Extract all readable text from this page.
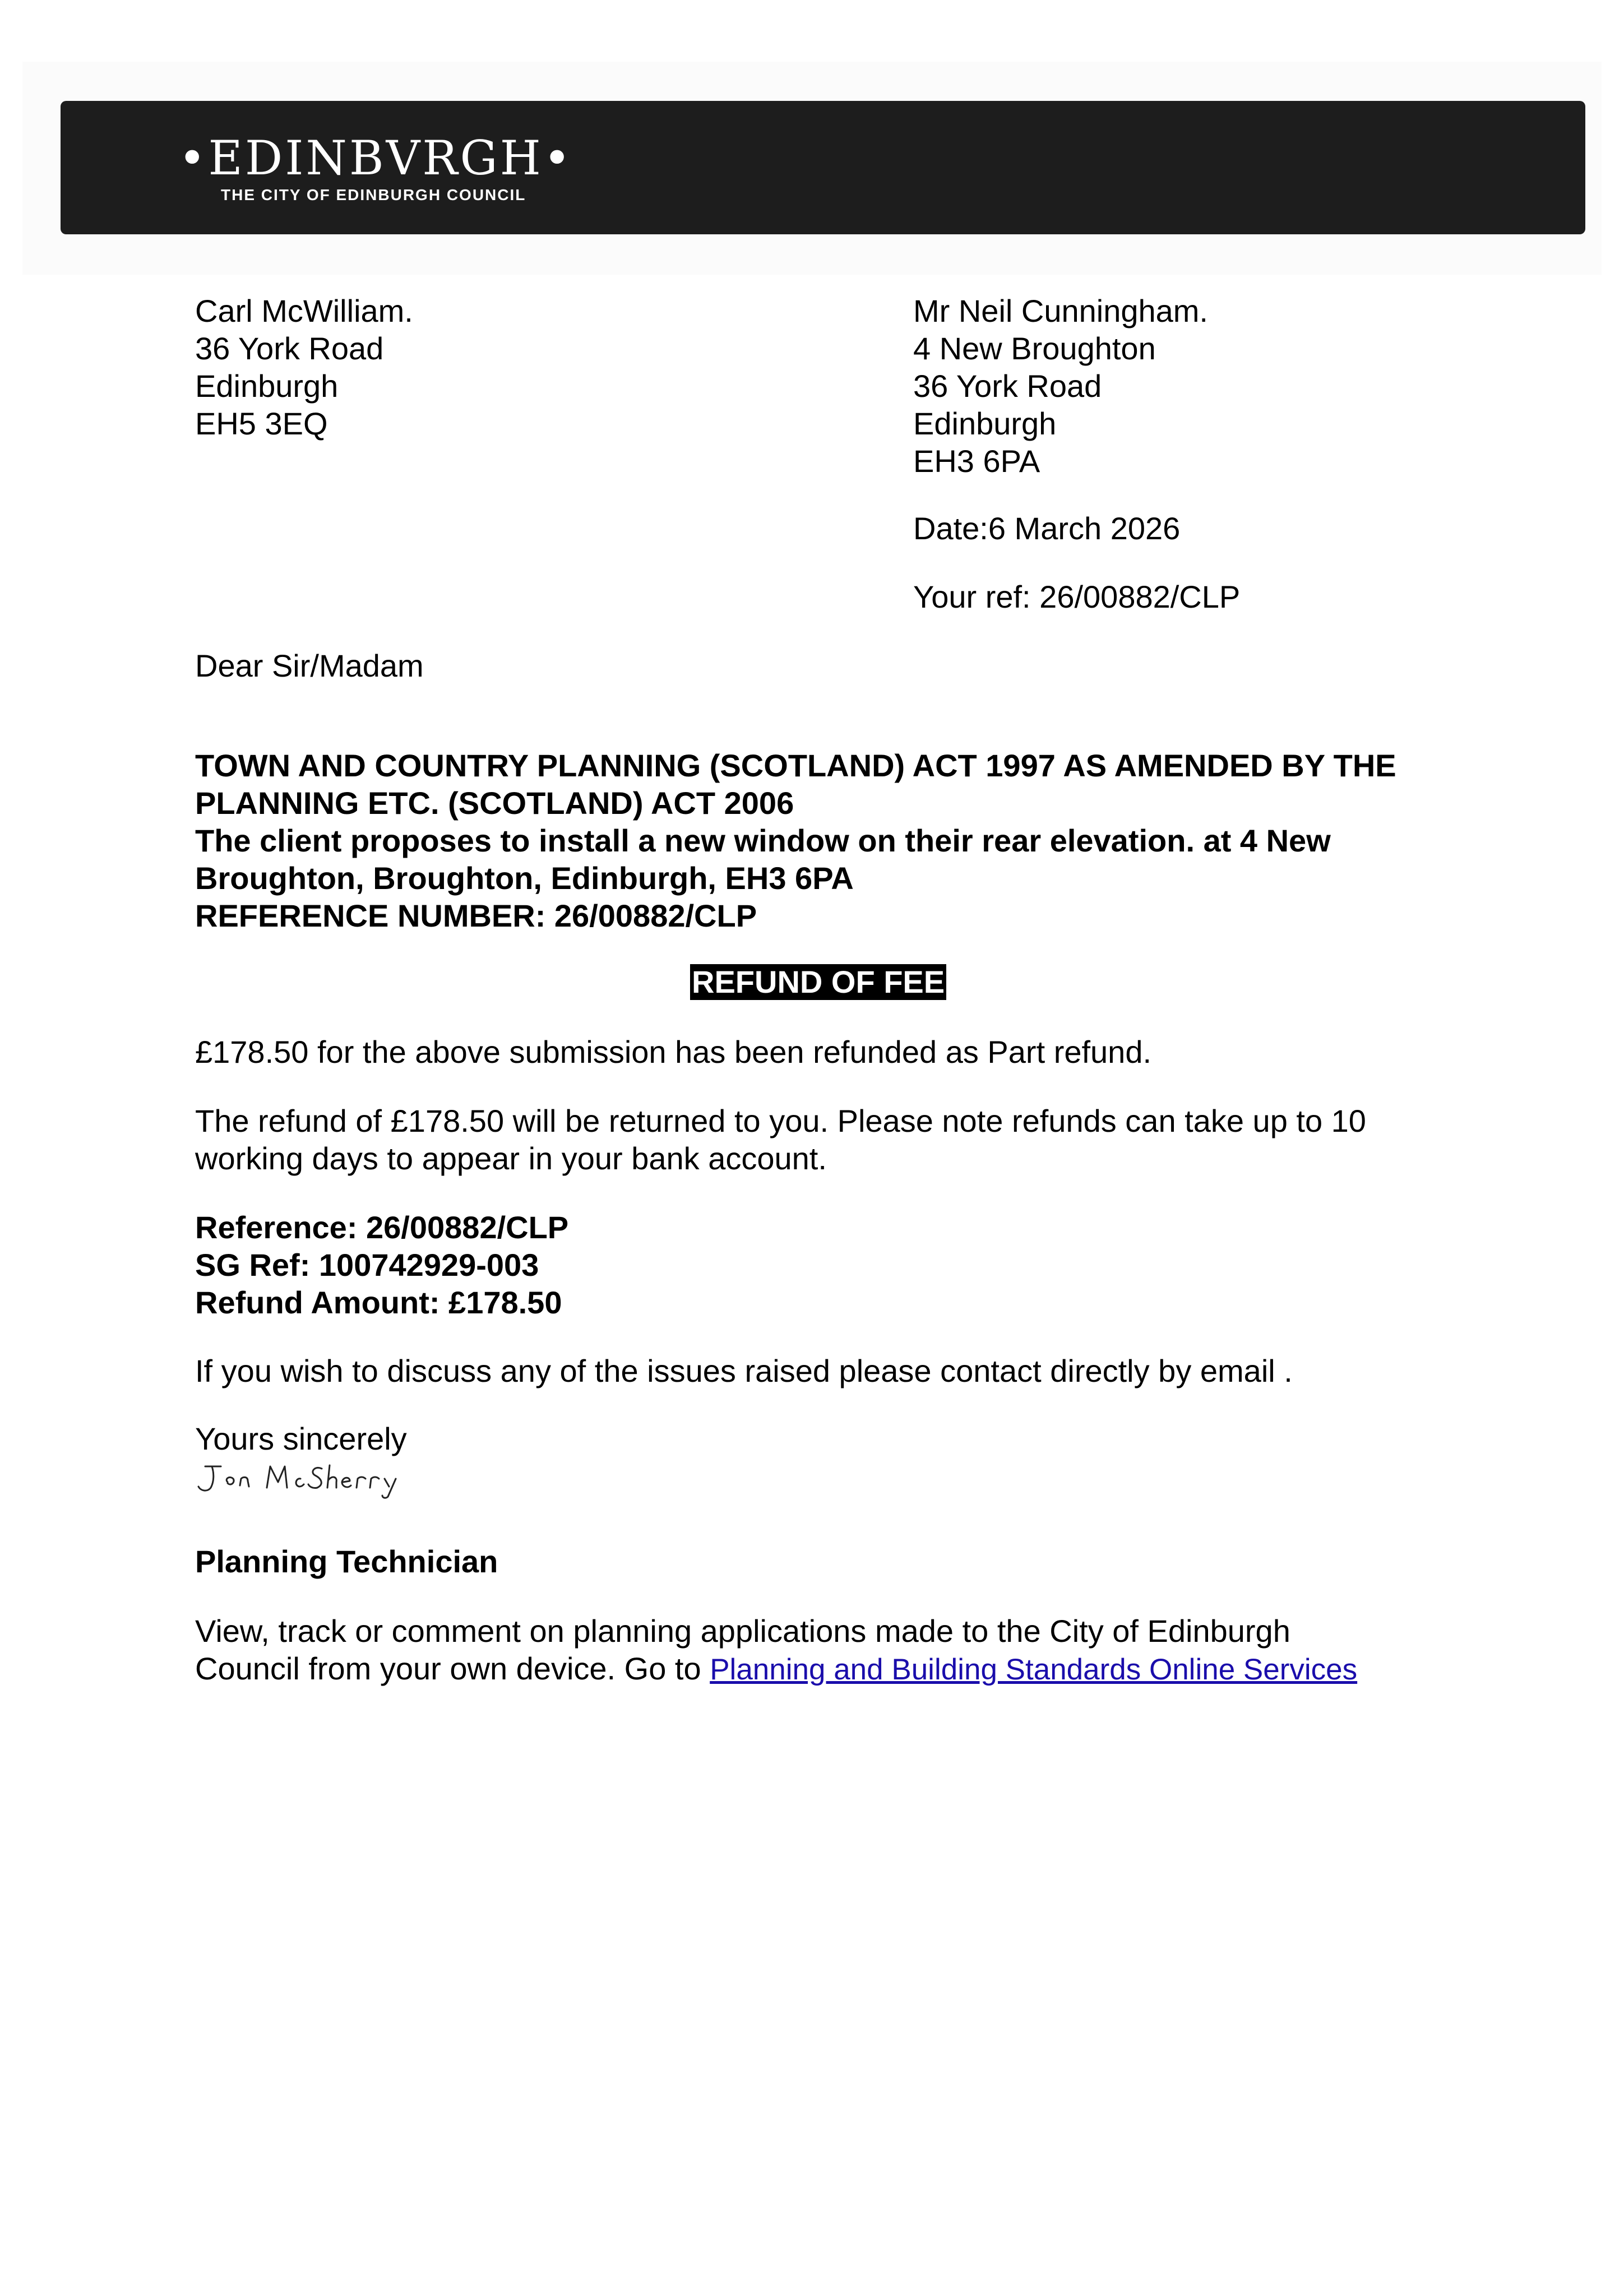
•EDINBVRGH•
THE CITY OF EDINBURGH COUNCIL
Carl McWilliam.
36 York Road
Edinburgh
EH5 3EQ
Mr Neil Cunningham.
4 New Broughton
36 York Road
Edinburgh
EH3 6PA
Date:6 March 2026
Your ref: 26/00882/CLP
Dear Sir/Madam
TOWN AND COUNTRY PLANNING (SCOTLAND) ACT 1997 AS AMENDED BY THE
PLANNING ETC. (SCOTLAND) ACT 2006
The client proposes to install a new window on their rear elevation. at 4 New
Broughton, Broughton, Edinburgh, EH3 6PA
REFERENCE NUMBER: 26/00882/CLP
REFUND OF FEE
£178.50 for the above submission has been refunded as Part refund.
The refund of £178.50 will be returned to you. Please note refunds can take up to 10
working days to appear in your bank account.
Reference: 26/00882/CLP
SG Ref: 100742929-003
Refund Amount: £178.50
If you wish to discuss any of the issues raised please contact directly by email .
Yours sincerely
Planning Technician
View, track or comment on planning applications made to the City of Edinburgh
Council from your own device. Go to Planning and Building Standards Online Services
